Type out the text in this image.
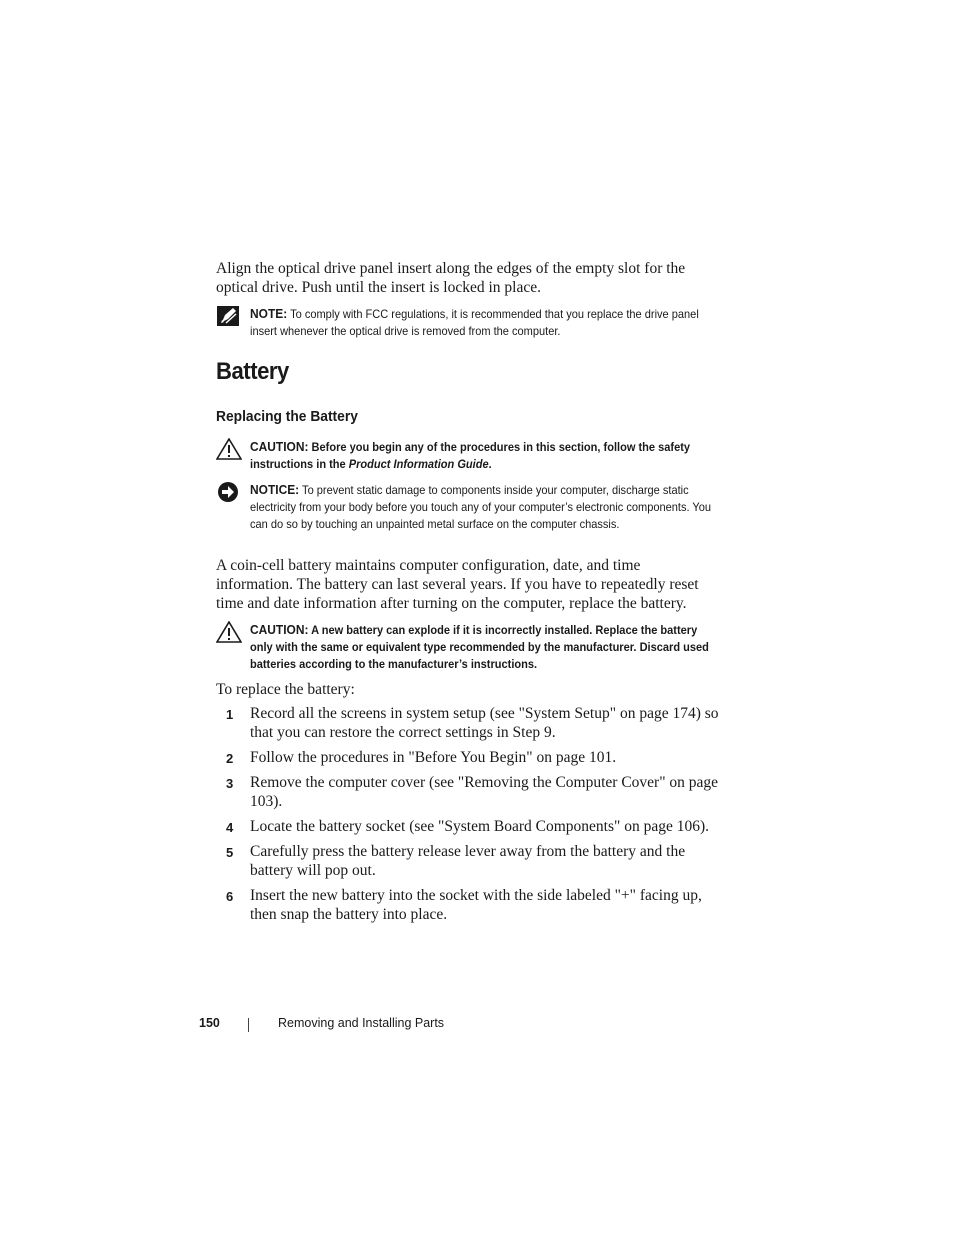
Align the optical drive panel insert along the edges of the empty slot for the optical drive. Push until the insert is locked in place.

NOTE: To comply with FCC regulations, it is recommended that you replace the drive panel insert whenever the optical drive is removed from the computer.
Battery
Replacing the Battery
CAUTION: Before you begin any of the procedures in this section, follow the safety instructions in the Product Information Guide.
NOTICE: To prevent static damage to components inside your computer, discharge static electricity from your body before you touch any of your computer’s electronic components. You can do so by touching an unpainted metal surface on the computer chassis.

A coin-cell battery maintains computer configuration, date, and time information. The battery can last several years. If you have to repeatedly reset time and date information after turning on the computer, replace the battery.

CAUTION: A new battery can explode if it is incorrectly installed. Replace the battery only with the same or equivalent type recommended by the manufacturer. Discard used batteries according to the manufacturer’s instructions.

To replace the battery:

1 Record all the screens in system setup (see "System Setup" on page 174) so that you can restore the correct settings in Step 9.
2 Follow the procedures in "Before You Begin" on page 101.
3 Remove the computer cover (see "Removing the Computer Cover" on page 103).
4 Locate the battery socket (see "System Board Components" on page 106).
5 Carefully press the battery release lever away from the battery and the battery will pop out.
6 Insert the new battery into the socket with the side labeled "+" facing up, then snap the battery into place.
150	Removing and Installing Parts
